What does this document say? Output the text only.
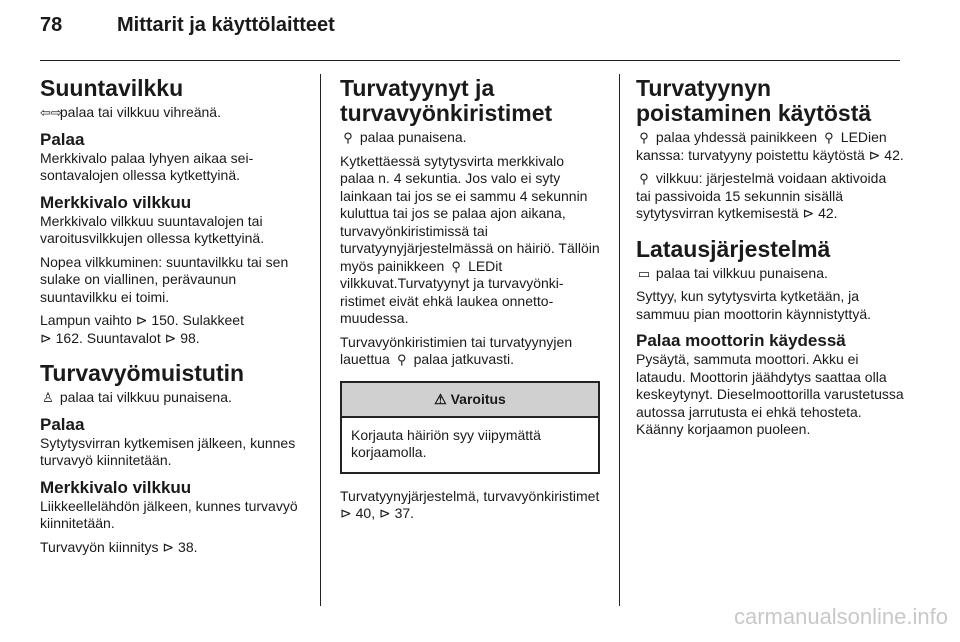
78	Mittarit ja käyttölaitteet
Suuntavilkku

⇦⇨ palaa tai vilkkuu vihreänä.

Palaa

Merkkivalo palaa lyhyen aikaa seisontavalojen ollessa kytkettyinä.

Merkkivalo vilkkuu

Merkkivalo vilkkuu suuntavalojen tai varoitusvilkkujen ollessa kytkettyinä.

Nopea vilkkuminen: suuntavilkku tai sen sulake on viallinen, perävaunun suuntavilkku ei toimi.

Lampun vaihto ⊳ 150. Sulakkeet
⊳ 162. Suuntavalot ⊳ 98.

Turvavyömuistutin

♙ palaa tai vilkkuu punaisena.

Palaa

Sytytysvirran kytkemisen jälkeen, kunnes turvavyö kiinnitetään.

Merkkivalo vilkkuu

Liikkeellelähdön jälkeen, kunnes turvavyö kiinnitetään.

Turvavyön kiinnitys ⊳ 38.

Turvatyynyt ja turvavyönkiristimet

⚲ palaa punaisena.

Kytkettäessä sytytysvirta merkkivalo palaa n. 4 sekuntia. Jos valo ei syty lainkaan tai jos se ei sammu 4 sekunnin kuluttua tai jos se palaa ajon aikana, turvavyönkiristimissä tai turvatyynyjärjestelmässä on häiriö. Tällöin myös painikkeen ⚲ LEDit vilkkuvat.Turvatyynyt ja turvavyönkiristimet eivät ehkä laukea onnettomuudessa.

Turvavyönkiristimien tai turvatyynyjen lauettua ⚲ palaa jatkuvasti.

⚠ Varoitus
Korjauta häiriön syy viipymättä korjaamolla.

Turvatyynyjärjestelmä, turvavyönkiristimet ⊳ 40, ⊳ 37.

Turvatyynyn poistaminen käytöstä

⚲ palaa yhdessä painikkeen ⚲ LEDien kanssa: turvatyyny poistettu käytöstä ⊳ 42.

⚲ vilkkuu: järjestelmä voidaan aktivoida tai passivoida 15 sekunnin sisällä sytytysvirran kytkemisestä ⊳ 42.

Latausjärjestelmä

▭ palaa tai vilkkuu punaisena.

Syttyy, kun sytytysvirta kytketään, ja sammuu pian moottorin käynnistyttyä.

Palaa moottorin käydessä

Pysäytä, sammuta moottori. Akku ei lataudu. Moottorin jäähdytys saattaa olla keskeytynyt. Dieselmoottorilla varustetussa autossa jarrutusta ei ehkä tehosteta. Käänny korjaamon puoleen.

carmanualsonline.info
